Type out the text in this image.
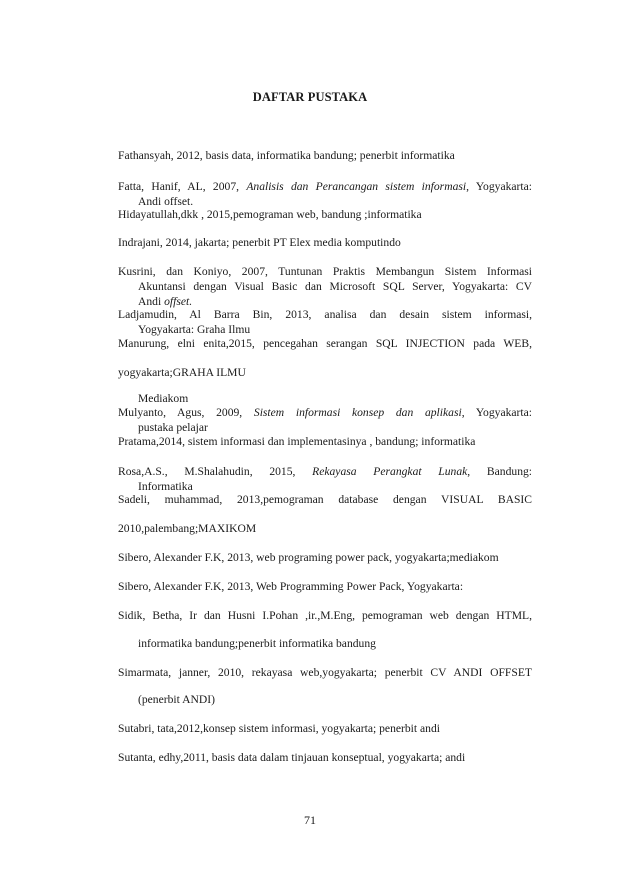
DAFTAR PUSTAKA
Fathansyah, 2012, basis data, informatika bandung; penerbit informatika
Fatta, Hanif, AL, 2007, Analisis dan Perancangan sistem informasi, Yogyakarta:
Andi offset.
Hidayatullah,dkk , 2015,pemograman web, bandung ;informatika
Indrajani, 2014, jakarta; penerbit PT Elex media komputindo
Kusrini, dan Koniyo, 2007, Tuntunan Praktis Membangun Sistem Informasi
Akuntansi dengan Visual Basic dan Microsoft SQL Server, Yogyakarta: CV
Andi offset.
Ladjamudin, Al Barra Bin, 2013, analisa dan desain sistem informasi,
Yogyakarta: Graha Ilmu
Manurung, elni enita,2015, pencegahan serangan SQL INJECTION pada WEB,
yogyakarta;GRAHA ILMU
Mediakom
Mulyanto, Agus, 2009, Sistem informasi konsep dan aplikasi, Yogyakarta:
pustaka pelajar
Pratama,2014, sistem informasi dan implementasinya , bandung; informatika
Rosa,A.S., M.Shalahudin, 2015, Rekayasa Perangkat Lunak, Bandung:
Informatika
Sadeli, muhammad, 2013,pemograman database dengan VISUAL BASIC
2010,palembang;MAXIKOM
Sibero, Alexander F.K, 2013, web programing power pack, yogyakarta;mediakom
Sibero, Alexander F.K, 2013, Web Programming Power Pack, Yogyakarta:
Sidik, Betha, Ir dan Husni I.Pohan ,ir.,M.Eng, pemograman web dengan HTML,
informatika bandung;penerbit informatika bandung
Simarmata, janner, 2010, rekayasa web,yogyakarta; penerbit CV ANDI OFFSET
(penerbit ANDI)
Sutabri, tata,2012,konsep sistem informasi, yogyakarta; penerbit andi
Sutanta, edhy,2011, basis data dalam tinjauan konseptual, yogyakarta; andi
71
